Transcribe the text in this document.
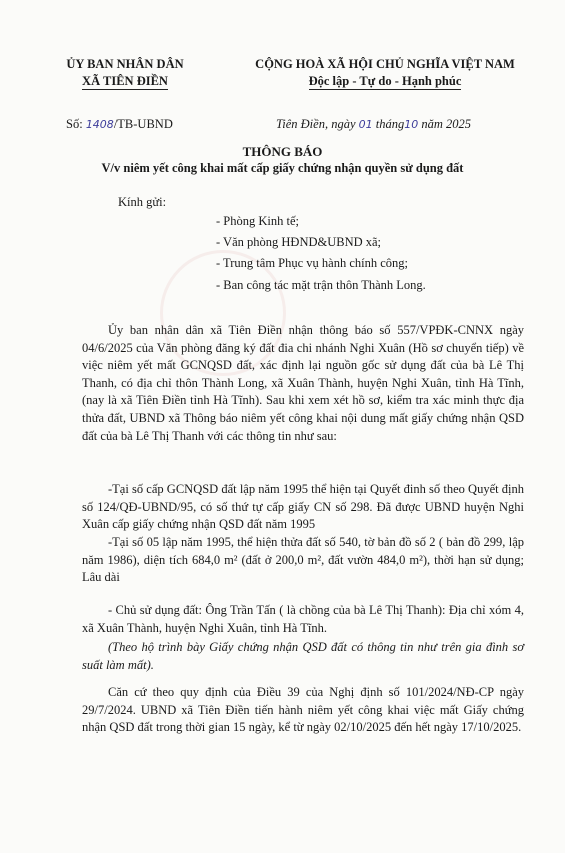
ỦY BAN NHÂN DÂN
XÃ TIÊN ĐIỀN
CỘNG HOÀ XÃ HỘI CHỦ NGHĨA VIỆT NAM
Độc lập - Tự do - Hạnh phúc
Số: 1408/TB-UBND	Tiên Điền, ngày 01 tháng10 năm 2025
THÔNG BÁO
V/v niêm yết công khai mất cấp giấy chứng nhận quyền sử dụng đất
Kính gửi:
- Phòng Kinh tế;
- Văn phòng HĐND&UBND xã;
- Trung tâm Phục vụ hành chính công;
- Ban công tác mặt trận thôn Thành Long.
Ủy ban nhân dân xã Tiên Điền nhận thông báo số 557/VPĐK-CNNX ngày 04/6/2025 của Văn phòng đăng ký đất đia chi nhánh Nghi Xuân (Hồ sơ chuyển tiếp) về việc niêm yết mất GCNQSD đất, xác định lại nguồn gốc sử dụng đất của bà Lê Thị Thanh, có địa chỉ thôn Thành Long, xã Xuân Thành, huyện Nghi Xuân, tỉnh Hà Tĩnh, (nay là xã Tiên Điền tỉnh Hà Tĩnh). Sau khi xem xét hồ sơ, kiểm tra xác minh thực địa thửa đất, UBND xã Thông báo niêm yết công khai nội dung mất giấy chứng nhận QSD đất của bà Lê Thị Thanh với các thông tin như sau:
-Tại số cấp GCNQSD đất lập năm 1995 thể hiện tại Quyết đinh số theo Quyết định số 124/QĐ-UBND/95, có số thứ tự cấp giấy CN số 298. Đã được UBND huyện Nghi Xuân cấp giấy chứng nhận QSD đất năm 1995
-Tại số 05 lập năm 1995, thể hiện thửa đất số 540, tờ bản đồ số 2 ( bản đồ 299, lập năm 1986), diện tích 684,0 m² (đất ở 200,0 m², đất vườn 484,0 m²), thời hạn sử dụng; Lâu dài
- Chủ sử dụng đất: Ông Trần Tấn ( là chồng của bà Lê Thị Thanh): Địa chỉ xóm 4, xã Xuân Thành, huyện Nghi Xuân, tỉnh Hà Tĩnh.
(Theo hộ trình bày Giấy chứng nhận QSD đất có thông tin như trên gia đình sơ suất làm mất).
Căn cứ theo quy định của Điều 39 của Nghị định số 101/2024/NĐ-CP ngày 29/7/2024. UBND xã Tiên Điền tiến hành niêm yết công khai việc mất Giấy chứng nhận QSD đất trong thời gian 15 ngày, kể từ ngày 02/10/2025 đến hết ngày 17/10/2025.
